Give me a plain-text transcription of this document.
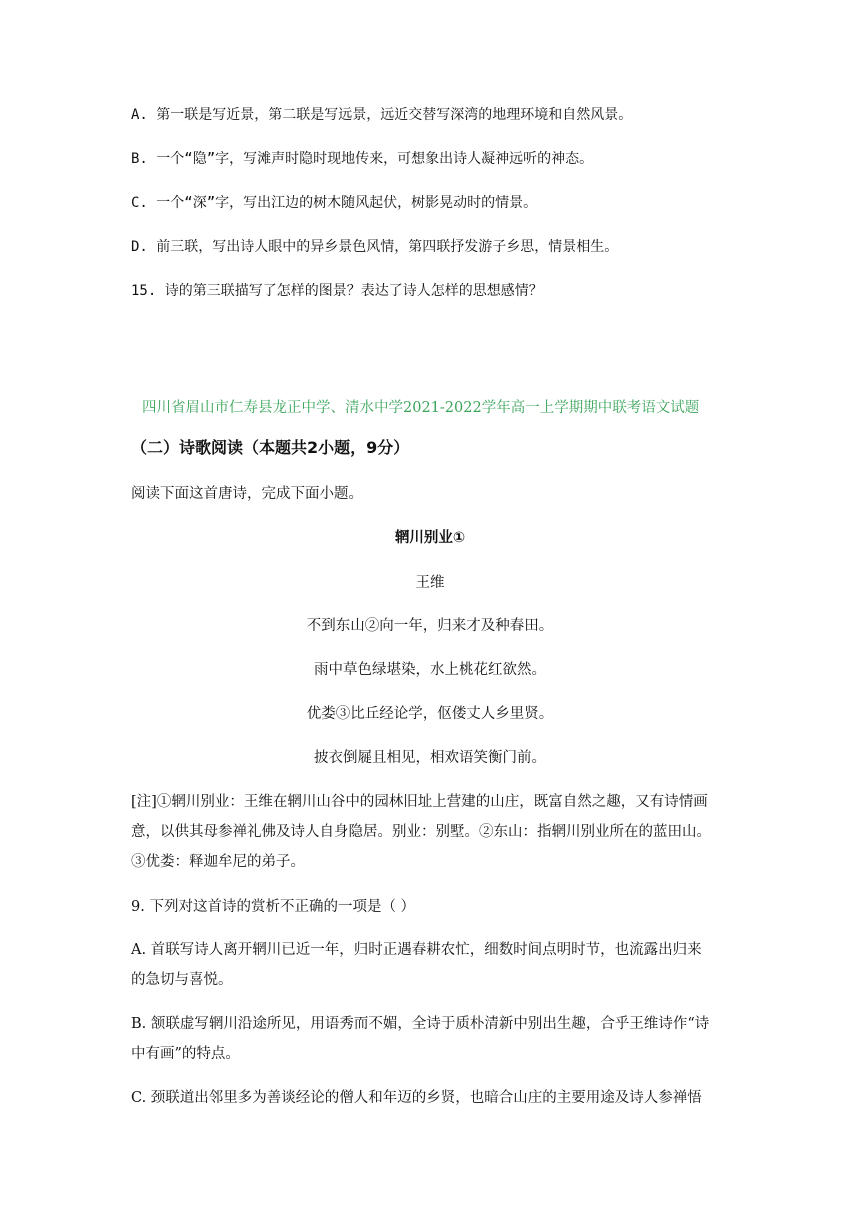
A. 第一联是写近景，第二联是写远景，远近交替写深湾的地理环境和自然风景。
B. 一个“隐”字，写滩声时隐时现地传来，可想象出诗人凝神远听的神态。
C. 一个“深”字，写出江边的树木随风起伏，树影晃动时的情景。
D. 前三联，写出诗人眼中的异乡景色风情，第四联抒发游子乡思，情景相生。
15. 诗的第三联描写了怎样的图景？表达了诗人怎样的思想感情？
四川省眉山市仁寿县龙正中学、清水中学2021-2022学年高一上学期期中联考语文试题
（二）诗歌阅读（本题共2小题，9分）
阅读下面这首唐诗，完成下面小题。
辋川别业①
王维
不到东山②向一年，归来才及种春田。
雨中草色绿堪染，水上桃花红欲然。
优娄③比丘经论学，伛偻丈人乡里贤。
披衣倒屣且相见，相欢语笑衡门前。
[注]①辋川别业：王维在辋川山谷中的园林旧址上营建的山庄，既富自然之趣，又有诗情画
意，以供其母参禅礼佛及诗人自身隐居。别业：别墅。②东山：指辋川别业所在的蓝田山。
③优娄：释迦牟尼的弟子。
9. 下列对这首诗的赏析不正确的一项是（ ）
A. 首联写诗人离开辋川已近一年，归时正遇春耕农忙，细数时间点明时节，也流露出归来
的急切与喜悦。
B. 颔联虚写辋川沿途所见，用语秀而不媚，全诗于质朴清新中别出生趣，合乎王维诗作“诗
中有画”的特点。
C. 颈联道出邻里多为善谈经论的僧人和年迈的乡贤，也暗合山庄的主要用途及诗人参禅悟
